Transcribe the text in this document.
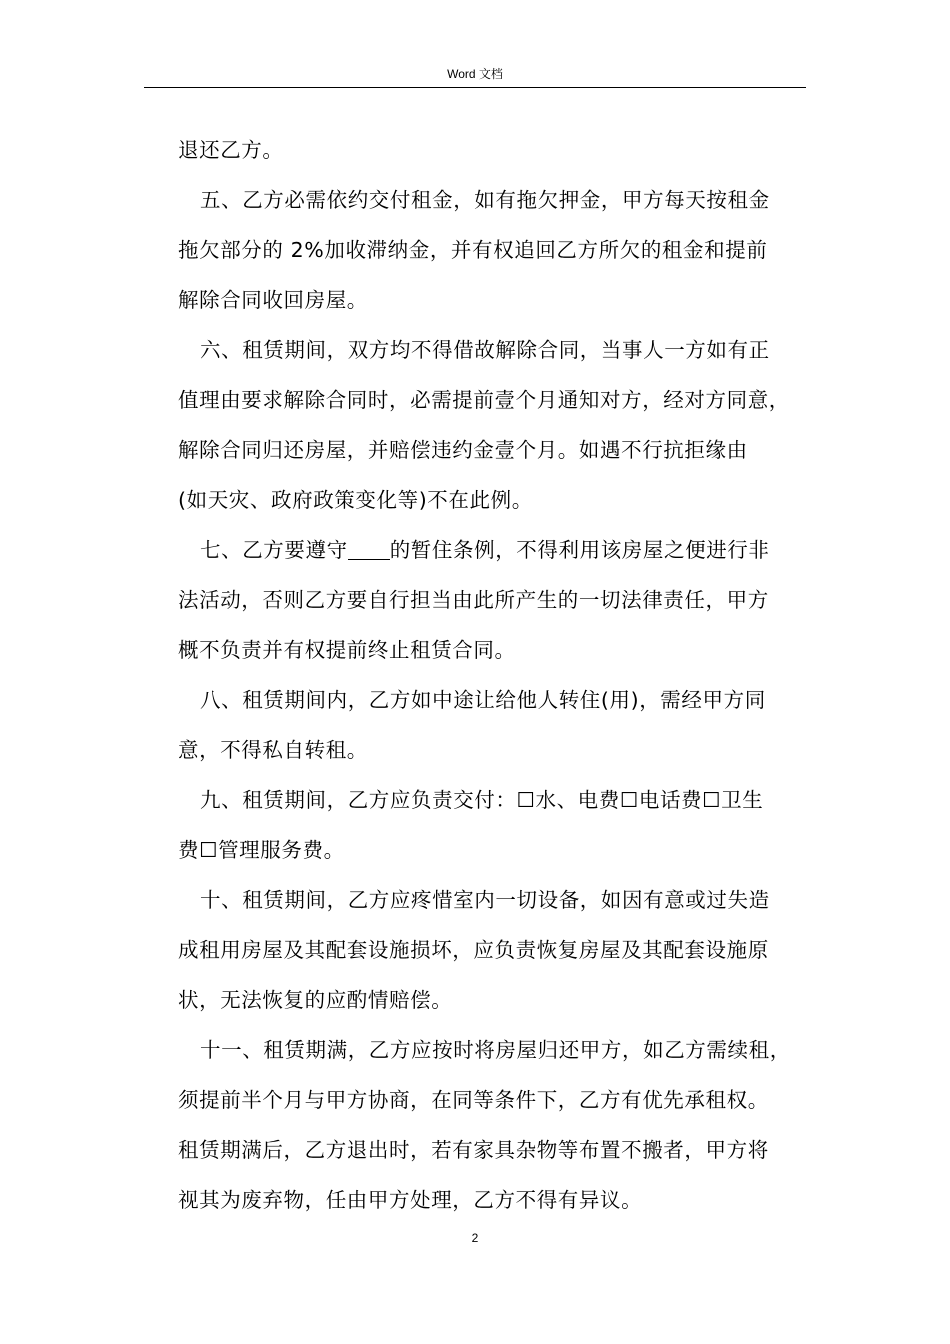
Word 文档
退还乙方。
五、乙方必需依约交付租金，如有拖欠押金，甲方每天按租金
拖欠部分的 2%加收滞纳金，并有权追回乙方所欠的租金和提前
解除合同收回房屋。
六、租赁期间，双方均不得借故解除合同，当事人一方如有正
值理由要求解除合同时，必需提前壹个月通知对方，经对方同意，
解除合同归还房屋，并赔偿违约金壹个月。如遇不行抗拒缘由
(如天灾、政府政策变化等)不在此例。
七、乙方要遵守 的暂住条例，不得利用该房屋之便进行非
法活动，否则乙方要自行担当由此所产生的一切法律责任，甲方
概不负责并有权提前终止租赁合同。
八、租赁期间内，乙方如中途让给他人转住(用)，需经甲方同
意，不得私自转租。
九、租赁期间，乙方应负责交付：☐水、电费☐电话费☐卫生
费☐管理服务费。
十、租赁期间，乙方应疼惜室内一切设备，如因有意或过失造
成租用房屋及其配套设施损坏，应负责恢复房屋及其配套设施原
状，无法恢复的应酌情赔偿。
十一、租赁期满，乙方应按时将房屋归还甲方，如乙方需续租，
须提前半个月与甲方协商，在同等条件下，乙方有优先承租权。
租赁期满后，乙方退出时，若有家具杂物等布置不搬者，甲方将
视其为废弃物，任由甲方处理，乙方不得有异议。
2
